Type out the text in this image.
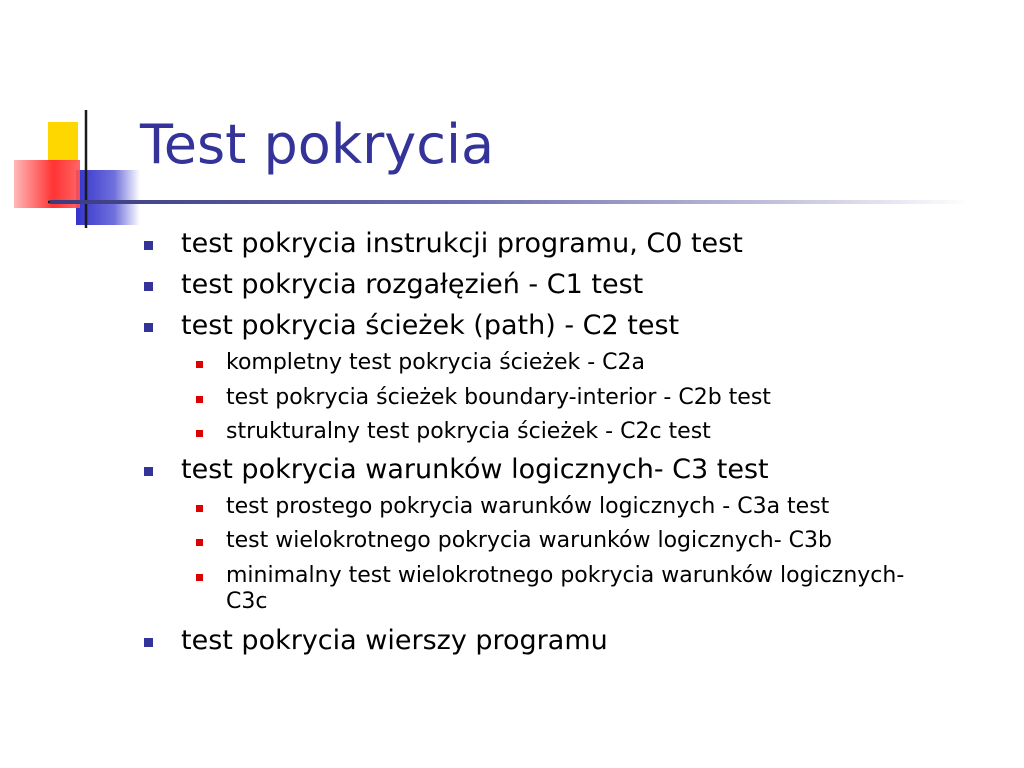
Test pokrycia
test pokrycia instrukcji programu, C0 test
test pokrycia rozgałęzień - C1 test
test pokrycia ścieżek (path) - C2 test
kompletny test pokrycia ścieżek - C2a
test pokrycia ścieżek boundary-interior - C2b test
strukturalny test pokrycia ścieżek - C2c test
test pokrycia warunków logicznych- C3 test
test prostego pokrycia warunków logicznych - C3a test
test wielokrotnego pokrycia warunków logicznych- C3b
minimalny test wielokrotnego pokrycia warunków logicznych- C3c
test pokrycia wierszy programu
